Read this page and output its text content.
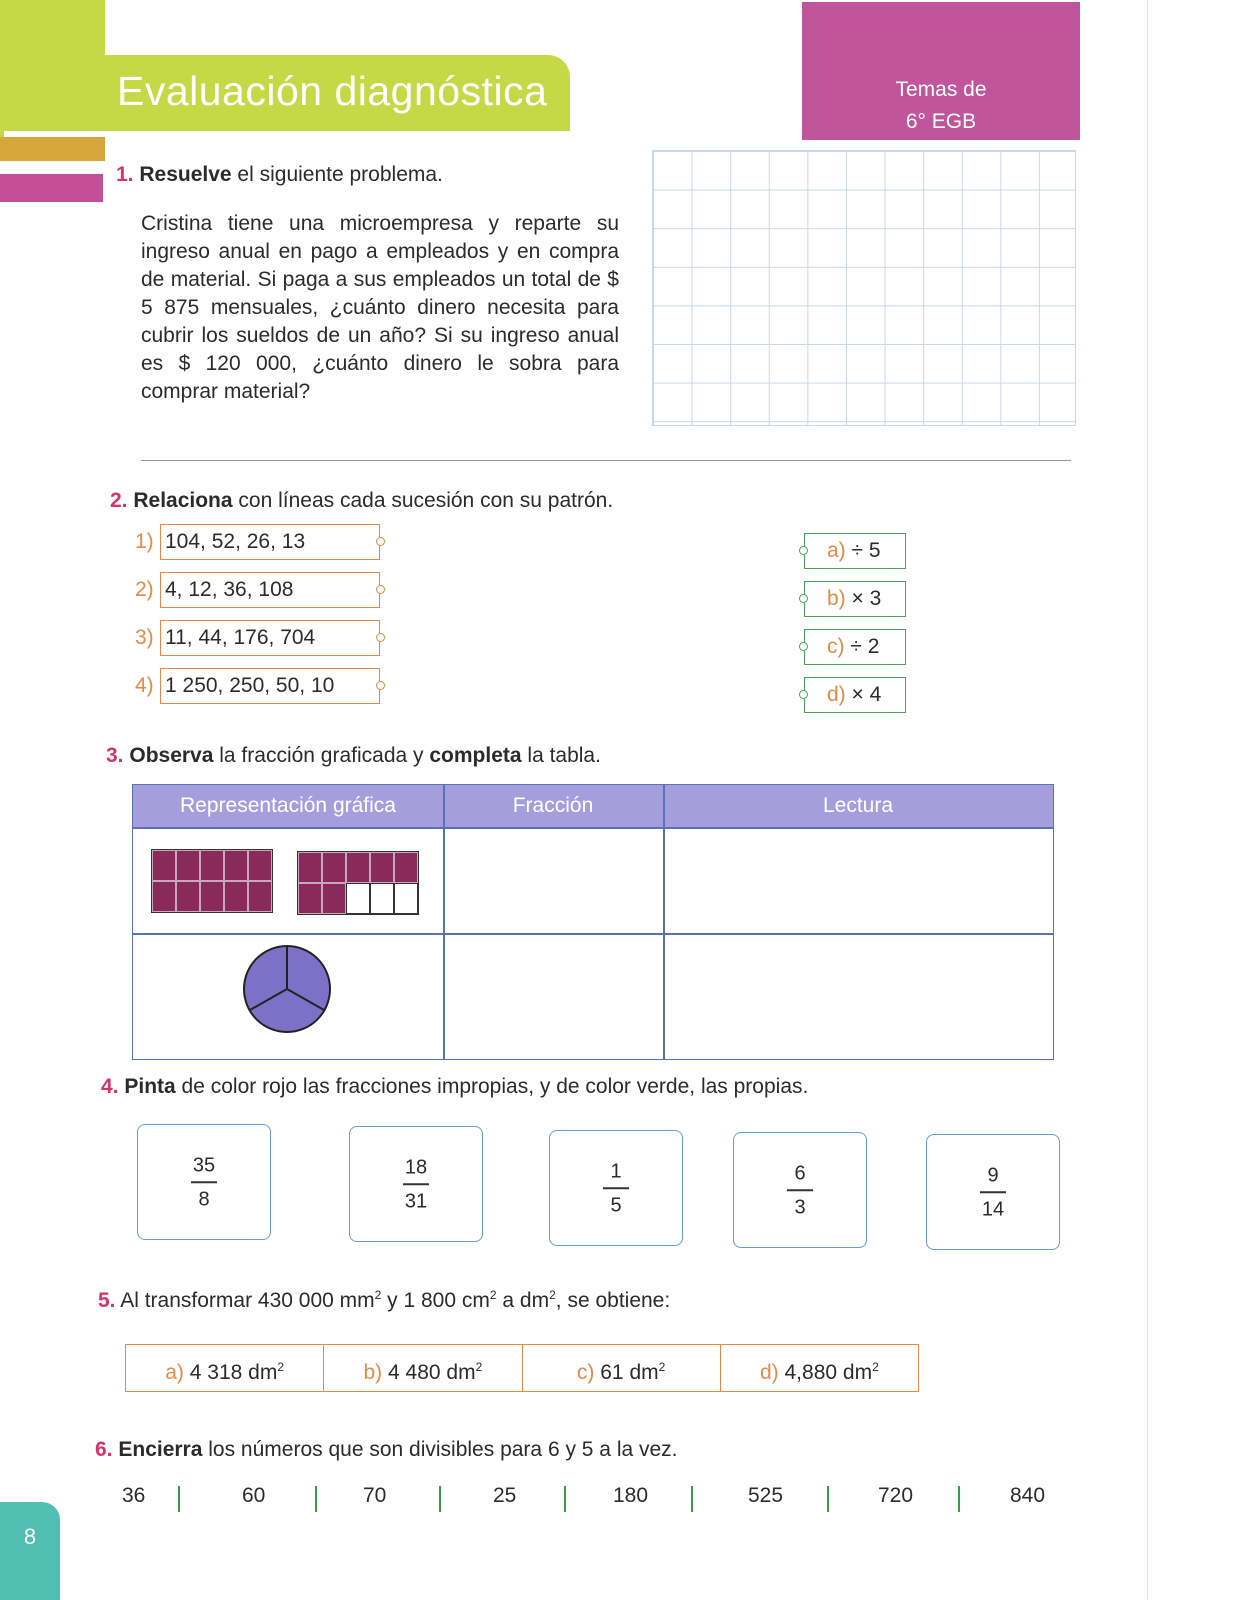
Evaluación diagnóstica	Temas de
6° EGB
1. Resuelve el siguiente problema.
Cristina tiene una microempresa y reparte su ingreso anual en pago a empleados y en compra de material. Si paga a sus empleados un total de $ 5 875 mensuales, ¿cuánto dinero necesita para cubrir los sueldos de un año? Si su ingreso anual es $ 120 000, ¿cuánto dinero le sobra para comprar material?
2. Relaciona con líneas cada sucesión con su patrón.
1) 104, 52, 26, 13
2) 4, 12, 36, 108
3) 11, 44, 176, 704
4) 1 250, 250, 50, 10
a) ÷ 5
b) × 3
c) ÷ 2
d) × 4
3. Observa la fracción graficada y completa la tabla.
Representación gráfica	Fracción	Lectura
4. Pinta de color rojo las fracciones impropias, y de color verde, las propias.
35
8
18
31
1
5
6
3
9
14
5. Al transformar 430 000 $mm^2$ y 1 800 $cm^2$ a $dm^2$, se obtiene:
a) 4 318 $dm^2$	b) 4 480 $dm^2$	c) 61 $dm^2$	d) 4,880 $dm^2$
6. Encierra los números que son divisibles para 6 y 5 a la vez.
36	60	70	25	180	525	720	840
8
